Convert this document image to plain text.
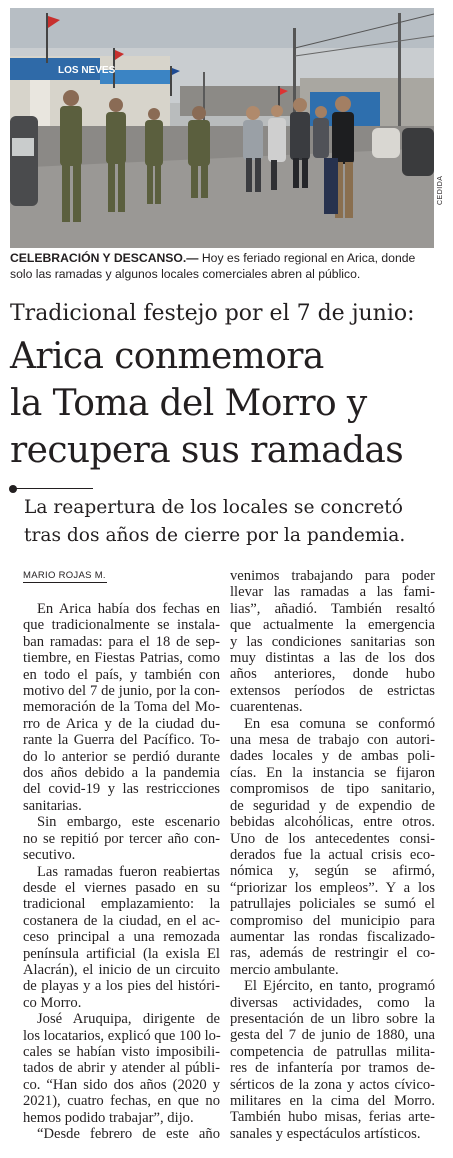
LOS NEVES
CEDIDA
CELEBRACIÓN Y DESCANSO.— Hoy es feriado regional en Arica, donde
solo las ramadas y algunos locales comerciales abren al público.
Tradicional festejo por el 7 de junio:
Arica conmemora
la Toma del Morro y
recupera sus ramadas
La reapertura de los locales se concretó
tras dos años de cierre por la pandemia.
MARIO ROJAS M.
En Arica había dos fechas en
que tradicionalmente se instala-
ban ramadas: para el 18 de sep-
tiembre, en Fiestas Patrias, como
en todo el país, y también con
motivo del 7 de junio, por la con-
memoración de la Toma del Mo-
rro de Arica y de la ciudad du-
rante la Guerra del Pacífico. To-
do lo anterior se perdió durante
dos años debido a la pandemia
del covid-19 y las restricciones
sanitarias.
Sin embargo, este escenario
no se repitió por tercer año con-
secutivo.
Las ramadas fueron reabiertas
desde el viernes pasado en su
tradicional emplazamiento: la
costanera de la ciudad, en el ac-
ceso principal a una remozada
península artificial (la exisla El
Alacrán), el inicio de un circuito
de playas y a los pies del históri-
co Morro.
José Aruquipa, dirigente de
los locatarios, explicó que 100 lo-
cales se habían visto imposibili-
tados de abrir y atender al públi-
co. “Han sido dos años (2020 y
2021), cuatro fechas, en que no
hemos podido trabajar”, dijo.
“Desde febrero de este año
venimos trabajando para poder
llevar las ramadas a las fami-
lias”, añadió. También resaltó
que actualmente la emergencia
y las condiciones sanitarias son
muy distintas a las de los dos
años anteriores, donde hubo
extensos períodos de estrictas
cuarentenas.
En esa comuna se conformó
una mesa de trabajo con autori-
dades locales y de ambas poli-
cías. En la instancia se fijaron
compromisos de tipo sanitario,
de seguridad y de expendio de
bebidas alcohólicas, entre otros.
Uno de los antecedentes consi-
derados fue la actual crisis eco-
nómica y, según se afirmó,
“priorizar los empleos”. Y a los
patrullajes policiales se sumó el
compromiso del municipio para
aumentar las rondas fiscalizado-
ras, además de restringir el co-
mercio ambulante.
El Ejército, en tanto, programó
diversas actividades, como la
presentación de un libro sobre la
gesta del 7 de junio de 1880, una
competencia de patrullas milita-
res de infantería por tramos de-
sérticos de la zona y actos cívico-
militares en la cima del Morro.
También hubo misas, ferias arte-
sanales y espectáculos artísticos.
